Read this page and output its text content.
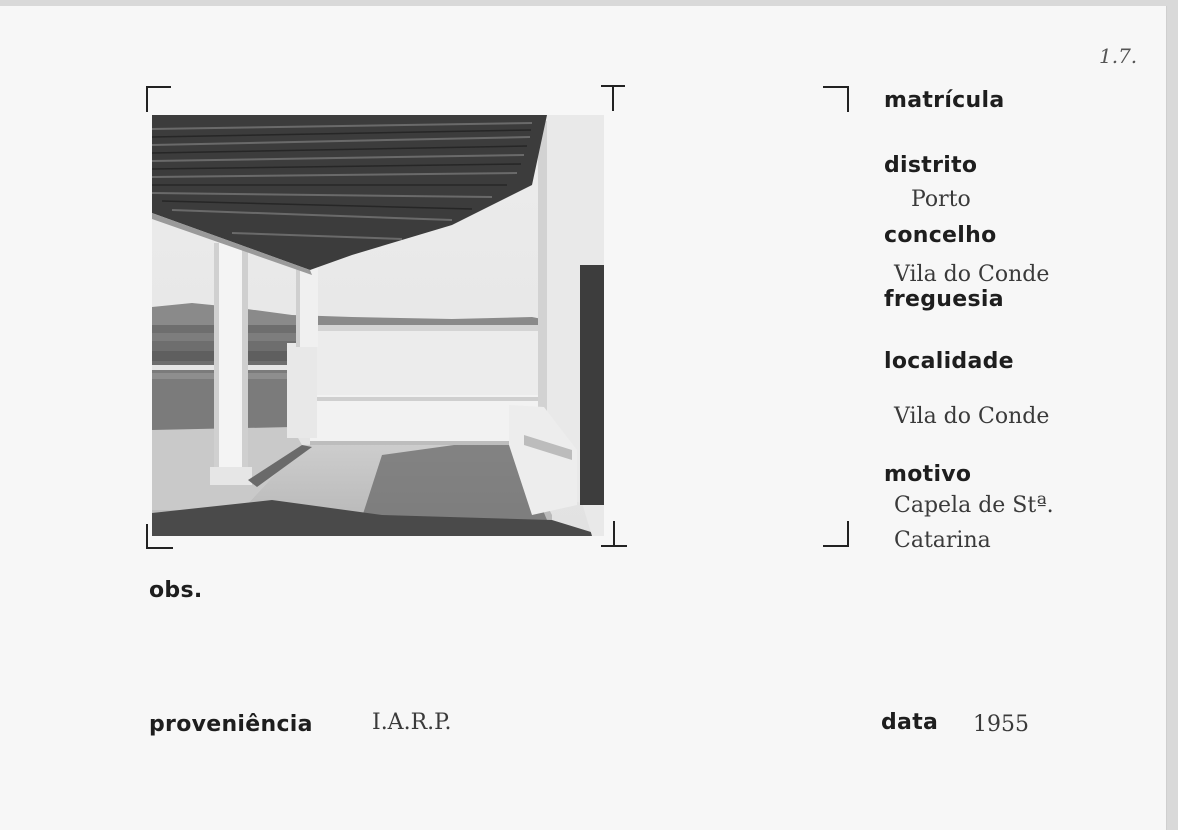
1.7.
matrícula
distrito
Porto
concelho
Vila do Conde
freguesia
localidade
Vila do Conde
motivo
Capela de Stª.
Catarina
obs.
proveniência	I.A.R.P.	data 1955
